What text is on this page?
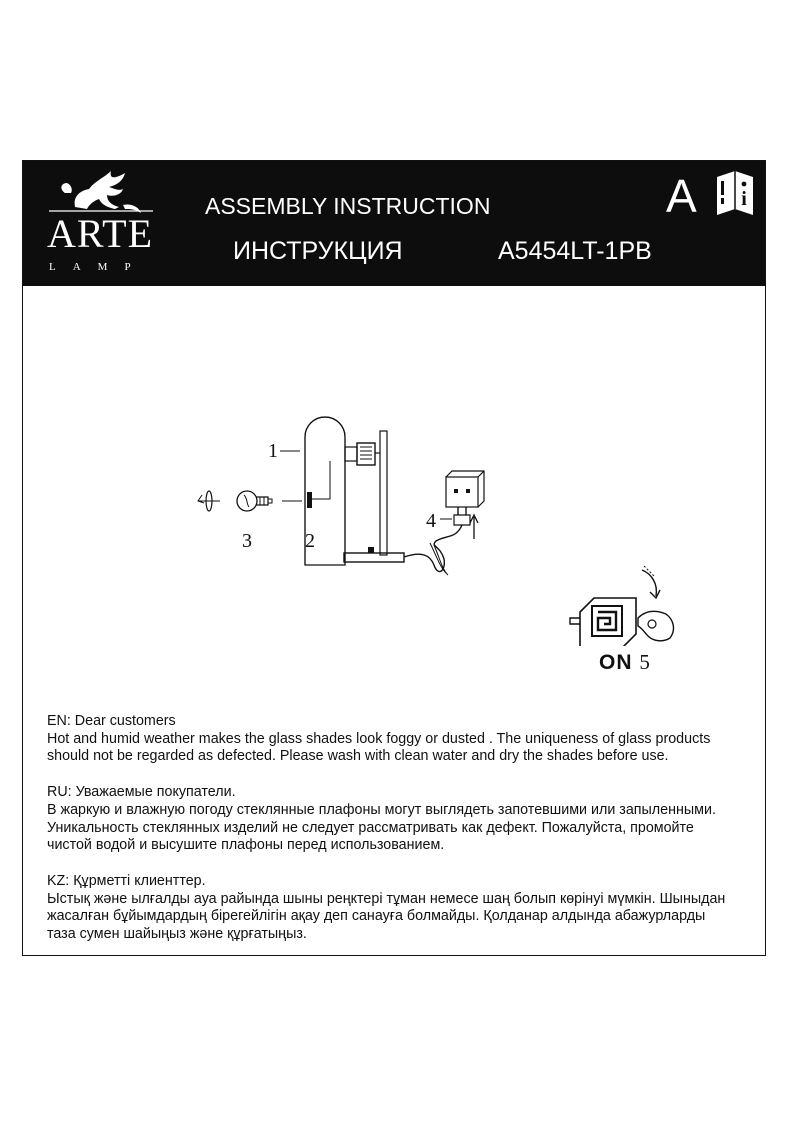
ARTE
LAMP
ASSEMBLY INSTRUCTION
ИНСТРУКЦИЯ	A5454LT-1PB
A i
1
2
3
4
ON 5

EN: Dear customers

Hot and humid weather makes the glass shades look foggy or dusted . The uniqueness of glass products

should not be regarded as defected. Please wash with clean water and dry the shades before use.

RU: Уважаемые покупатели.

В жаркую и влажную погоду стеклянные плафоны могут выглядеть запотевшими или запыленными.

Уникальность стеклянных изделий не следует рассматривать как дефект. Пожалуйста, промойте

чистой водой и высушите плафоны перед использованием.

KZ: Құрметті клиенттер.

Ыстық және ылғалды ауа райында шыны реңктері тұман немесе шаң болып көрінуі мүмкін. Шыныдан

жасалған бұйымдардың бірегейлігін ақау деп санауға болмайды. Қолданар алдында абажурларды

таза сумен шайыңыз және құрғатыңыз.
